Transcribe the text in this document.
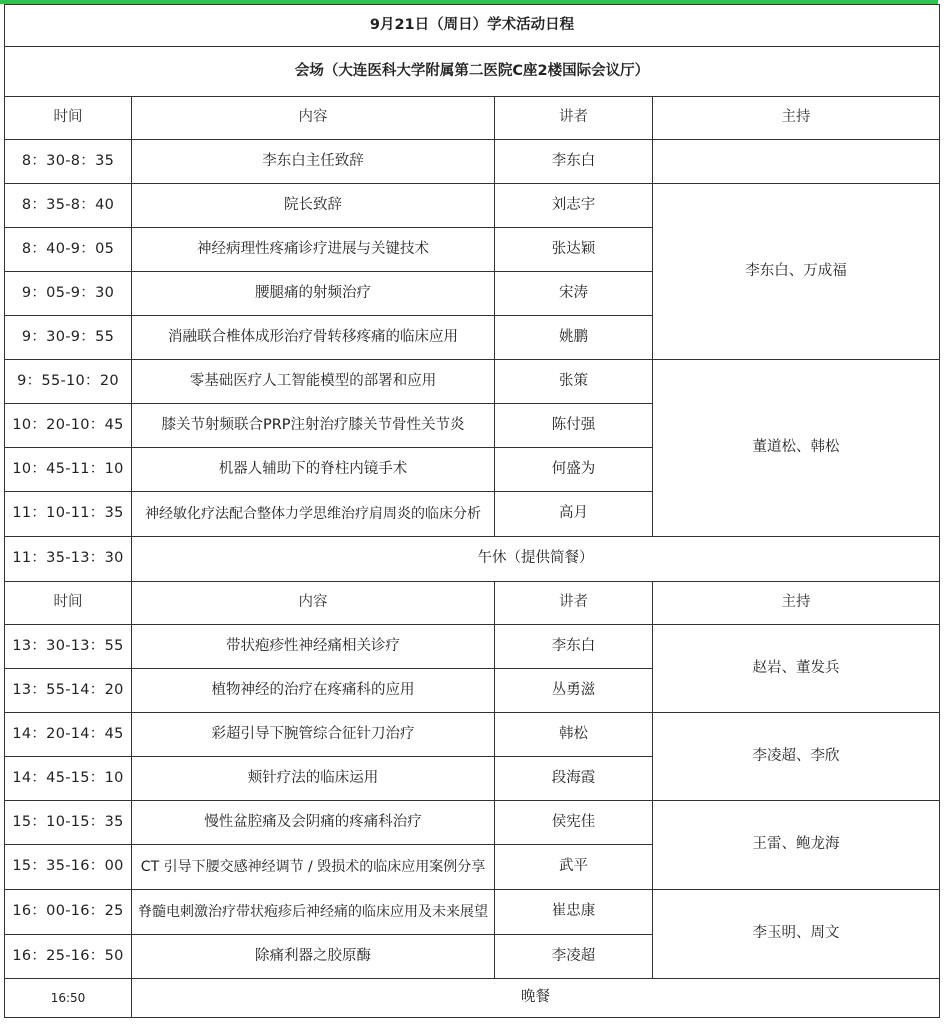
9月21日（周日）学术活动日程			
会场（大连医科大学附属第二医院C座2楼国际会议厅）			
时间	内容	讲者	主持
8：30-8：35	李东白主任致辞	李东白	
8：35-8：40	院长致辞	刘志宇	李东白、万成福
8：40-9：05	神经病理性疼痛诊疗进展与关键技术	张达颖	
9：05-9：30	腰腿痛的射频治疗	宋涛	
9：30-9：55	消融联合椎体成形治疗骨转移疼痛的临床应用	姚鹏	
9：55-10：20	零基础医疗人工智能模型的部署和应用	张策	董道松、韩松
10：20-10：45	膝关节射频联合PRP注射治疗膝关节骨性关节炎	陈付强	
10：45-11：10	机器人辅助下的脊柱内镜手术	何盛为	
11：10-11：35	神经敏化疗法配合整体力学思维治疗肩周炎的临床分析	高月	
11：35-13：30	午休（提供简餐）		
时间	内容	讲者	主持
13：30-13：55	带状疱疹性神经痛相关诊疗	李东白	赵岩、董发兵
13：55-14：20	植物神经的治疗在疼痛科的应用	丛勇滋	
14：20-14：45	彩超引导下腕管综合征针刀治疗	韩松	李凌超、李欣
14：45-15：10	颊针疗法的临床运用	段海霞	
15：10-15：35	慢性盆腔痛及会阴痛的疼痛科治疗	侯宪佳	王雷、鲍龙海
15：35-16：00	CT 引导下腰交感神经调节 / 毁损术的临床应用案例分享	武平	
16：00-16：25	脊髓电刺激治疗带状疱疹后神经痛的临床应用及未来展望	崔忠康	李玉明、周文
16：25-16：50	除痛利器之胶原酶	李凌超	
16:50	晚餐		
